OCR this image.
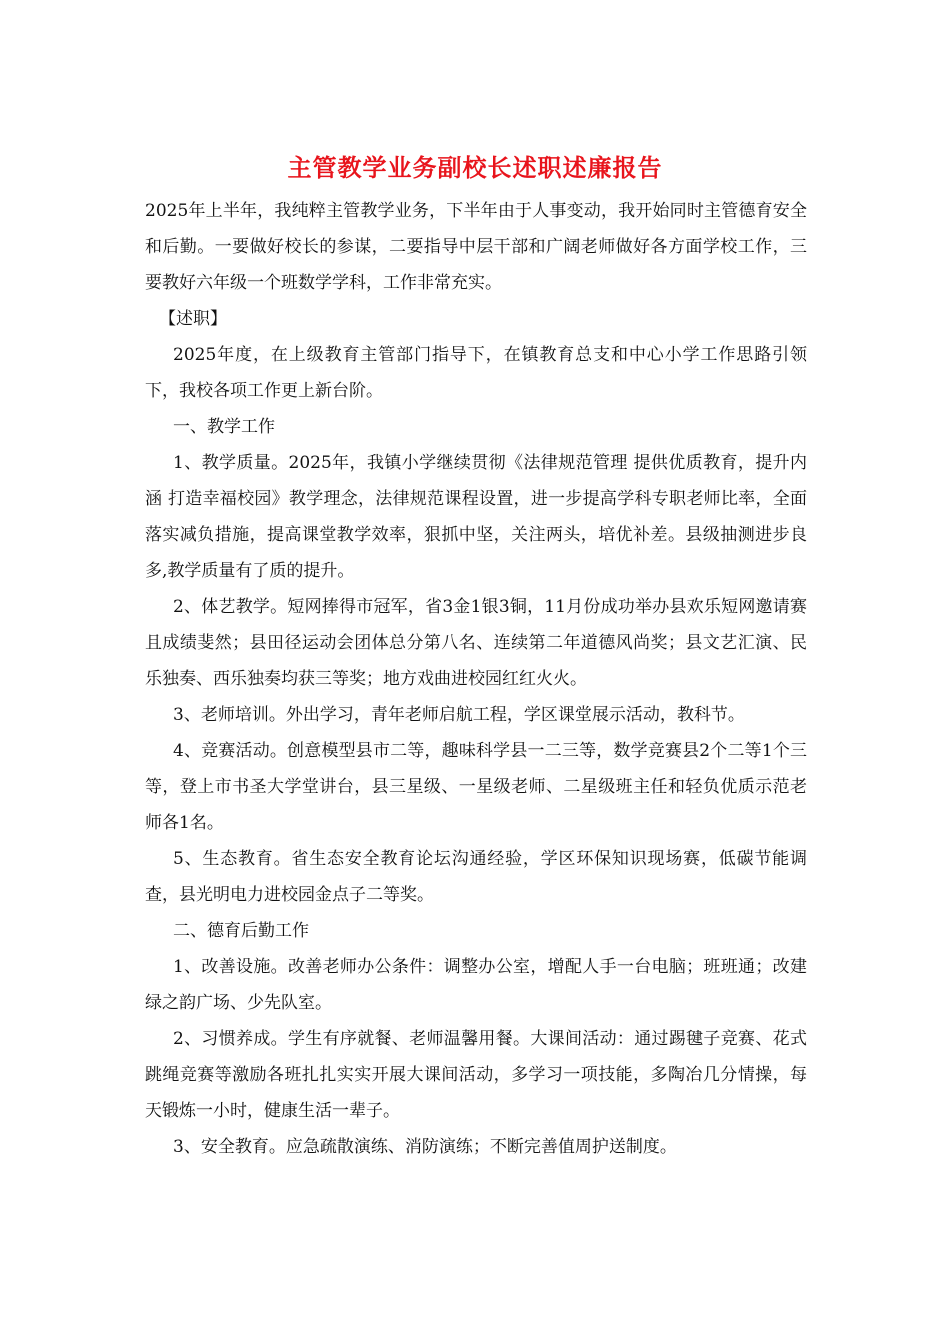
主管教学业务副校长述职述廉报告

2025年上半年，我纯粹主管教学业务，下半年由于人事变动，我开始同时主管德育安全和后勤。一要做好校长的参谋，二要指导中层干部和广阔老师做好各方面学校工作，三要教好六年级一个班数学学科，工作非常充实。

【述职】

2025年度，在上级教育主管部门指导下，在镇教育总支和中心小学工作思路引领下，我校各项工作更上新台阶。

一、教学工作

1、教学质量。2025年，我镇小学继续贯彻《法律规范管理 提供优质教育，提升内涵 打造幸福校园》教学理念，法律规范课程设置，进一步提高学科专职老师比率，全面落实减负措施，提高课堂教学效率，狠抓中坚，关注两头，培优补差。县级抽测进步良多,教学质量有了质的提升。

2、体艺教学。短网捧得市冠军，省3金1银3铜，11月份成功举办县欢乐短网邀请赛且成绩斐然；县田径运动会团体总分第八名、连续第二年道德风尚奖；县文艺汇演、民乐独奏、西乐独奏均获三等奖；地方戏曲进校园红红火火。

3、老师培训。外出学习，青年老师启航工程，学区课堂展示活动，教科节。

4、竞赛活动。创意模型县市二等，趣味科学县一二三等，数学竞赛县2个二等1个三等，登上市书圣大学堂讲台，县三星级、一星级老师、二星级班主任和轻负优质示范老师各1名。

5、生态教育。省生态安全教育论坛沟通经验，学区环保知识现场赛，低碳节能调查，县光明电力进校园金点子二等奖。

二、德育后勤工作

1、改善设施。改善老师办公条件：调整办公室，增配人手一台电脑；班班通；改建绿之韵广场、少先队室。

2、习惯养成。学生有序就餐、老师温馨用餐。大课间活动：通过踢毽子竞赛、花式跳绳竞赛等激励各班扎扎实实开展大课间活动，多学习一项技能，多陶冶几分情操，每天锻炼一小时，健康生活一辈子。

3、安全教育。应急疏散演练、消防演练；不断完善值周护送制度。
